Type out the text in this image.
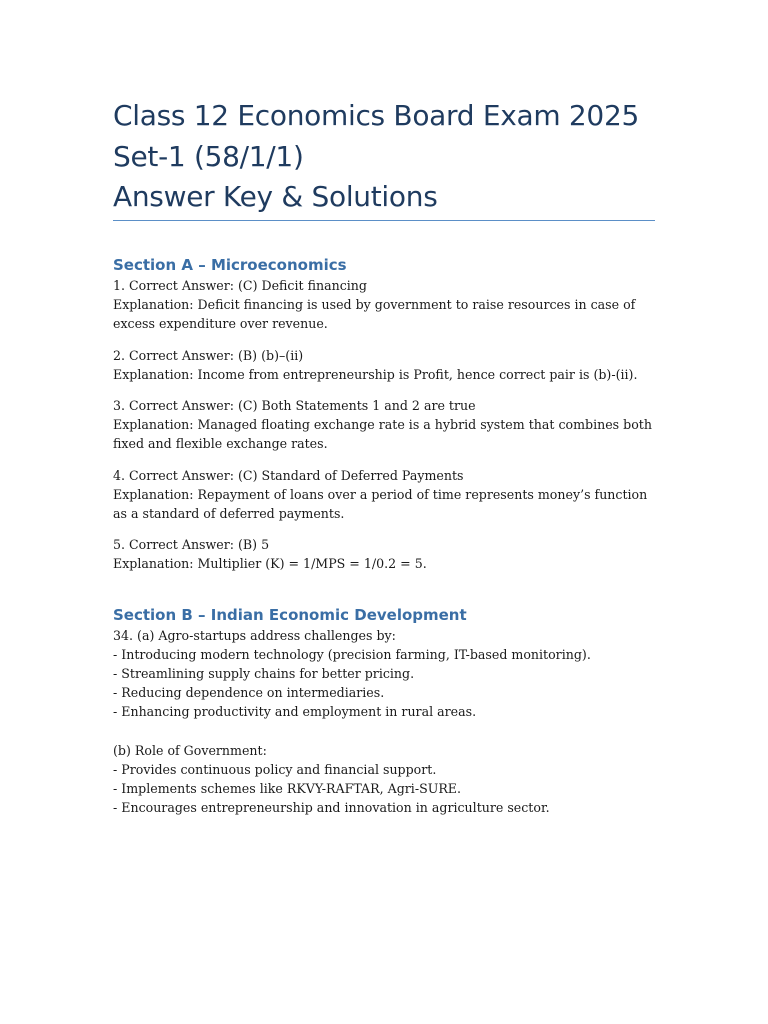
Class 12 Economics Board Exam 2025
Set-1 (58/1/1)
Answer Key & Solutions
Section A – Microeconomics
1. Correct Answer: (C) Deficit financing
Explanation: Deficit financing is used by government to raise resources in case of excess expenditure over revenue.
2. Correct Answer: (B) (b)–(ii)
Explanation: Income from entrepreneurship is Profit, hence correct pair is (b)-(ii).
3. Correct Answer: (C) Both Statements 1 and 2 are true
Explanation: Managed floating exchange rate is a hybrid system that combines both fixed and flexible exchange rates.
4. Correct Answer: (C) Standard of Deferred Payments
Explanation: Repayment of loans over a period of time represents money’s function as a standard of deferred payments.
5. Correct Answer: (B) 5
Explanation: Multiplier (K) = 1/MPS = 1/0.2 = 5.
Section B – Indian Economic Development
34. (a) Agro-startups address challenges by:
- Introducing modern technology (precision farming, IT-based monitoring).
- Streamlining supply chains for better pricing.
- Reducing dependence on intermediaries.
- Enhancing productivity and employment in rural areas.
(b) Role of Government:
- Provides continuous policy and financial support.
- Implements schemes like RKVY-RAFTAR, Agri-SURE.
- Encourages entrepreneurship and innovation in agriculture sector.
